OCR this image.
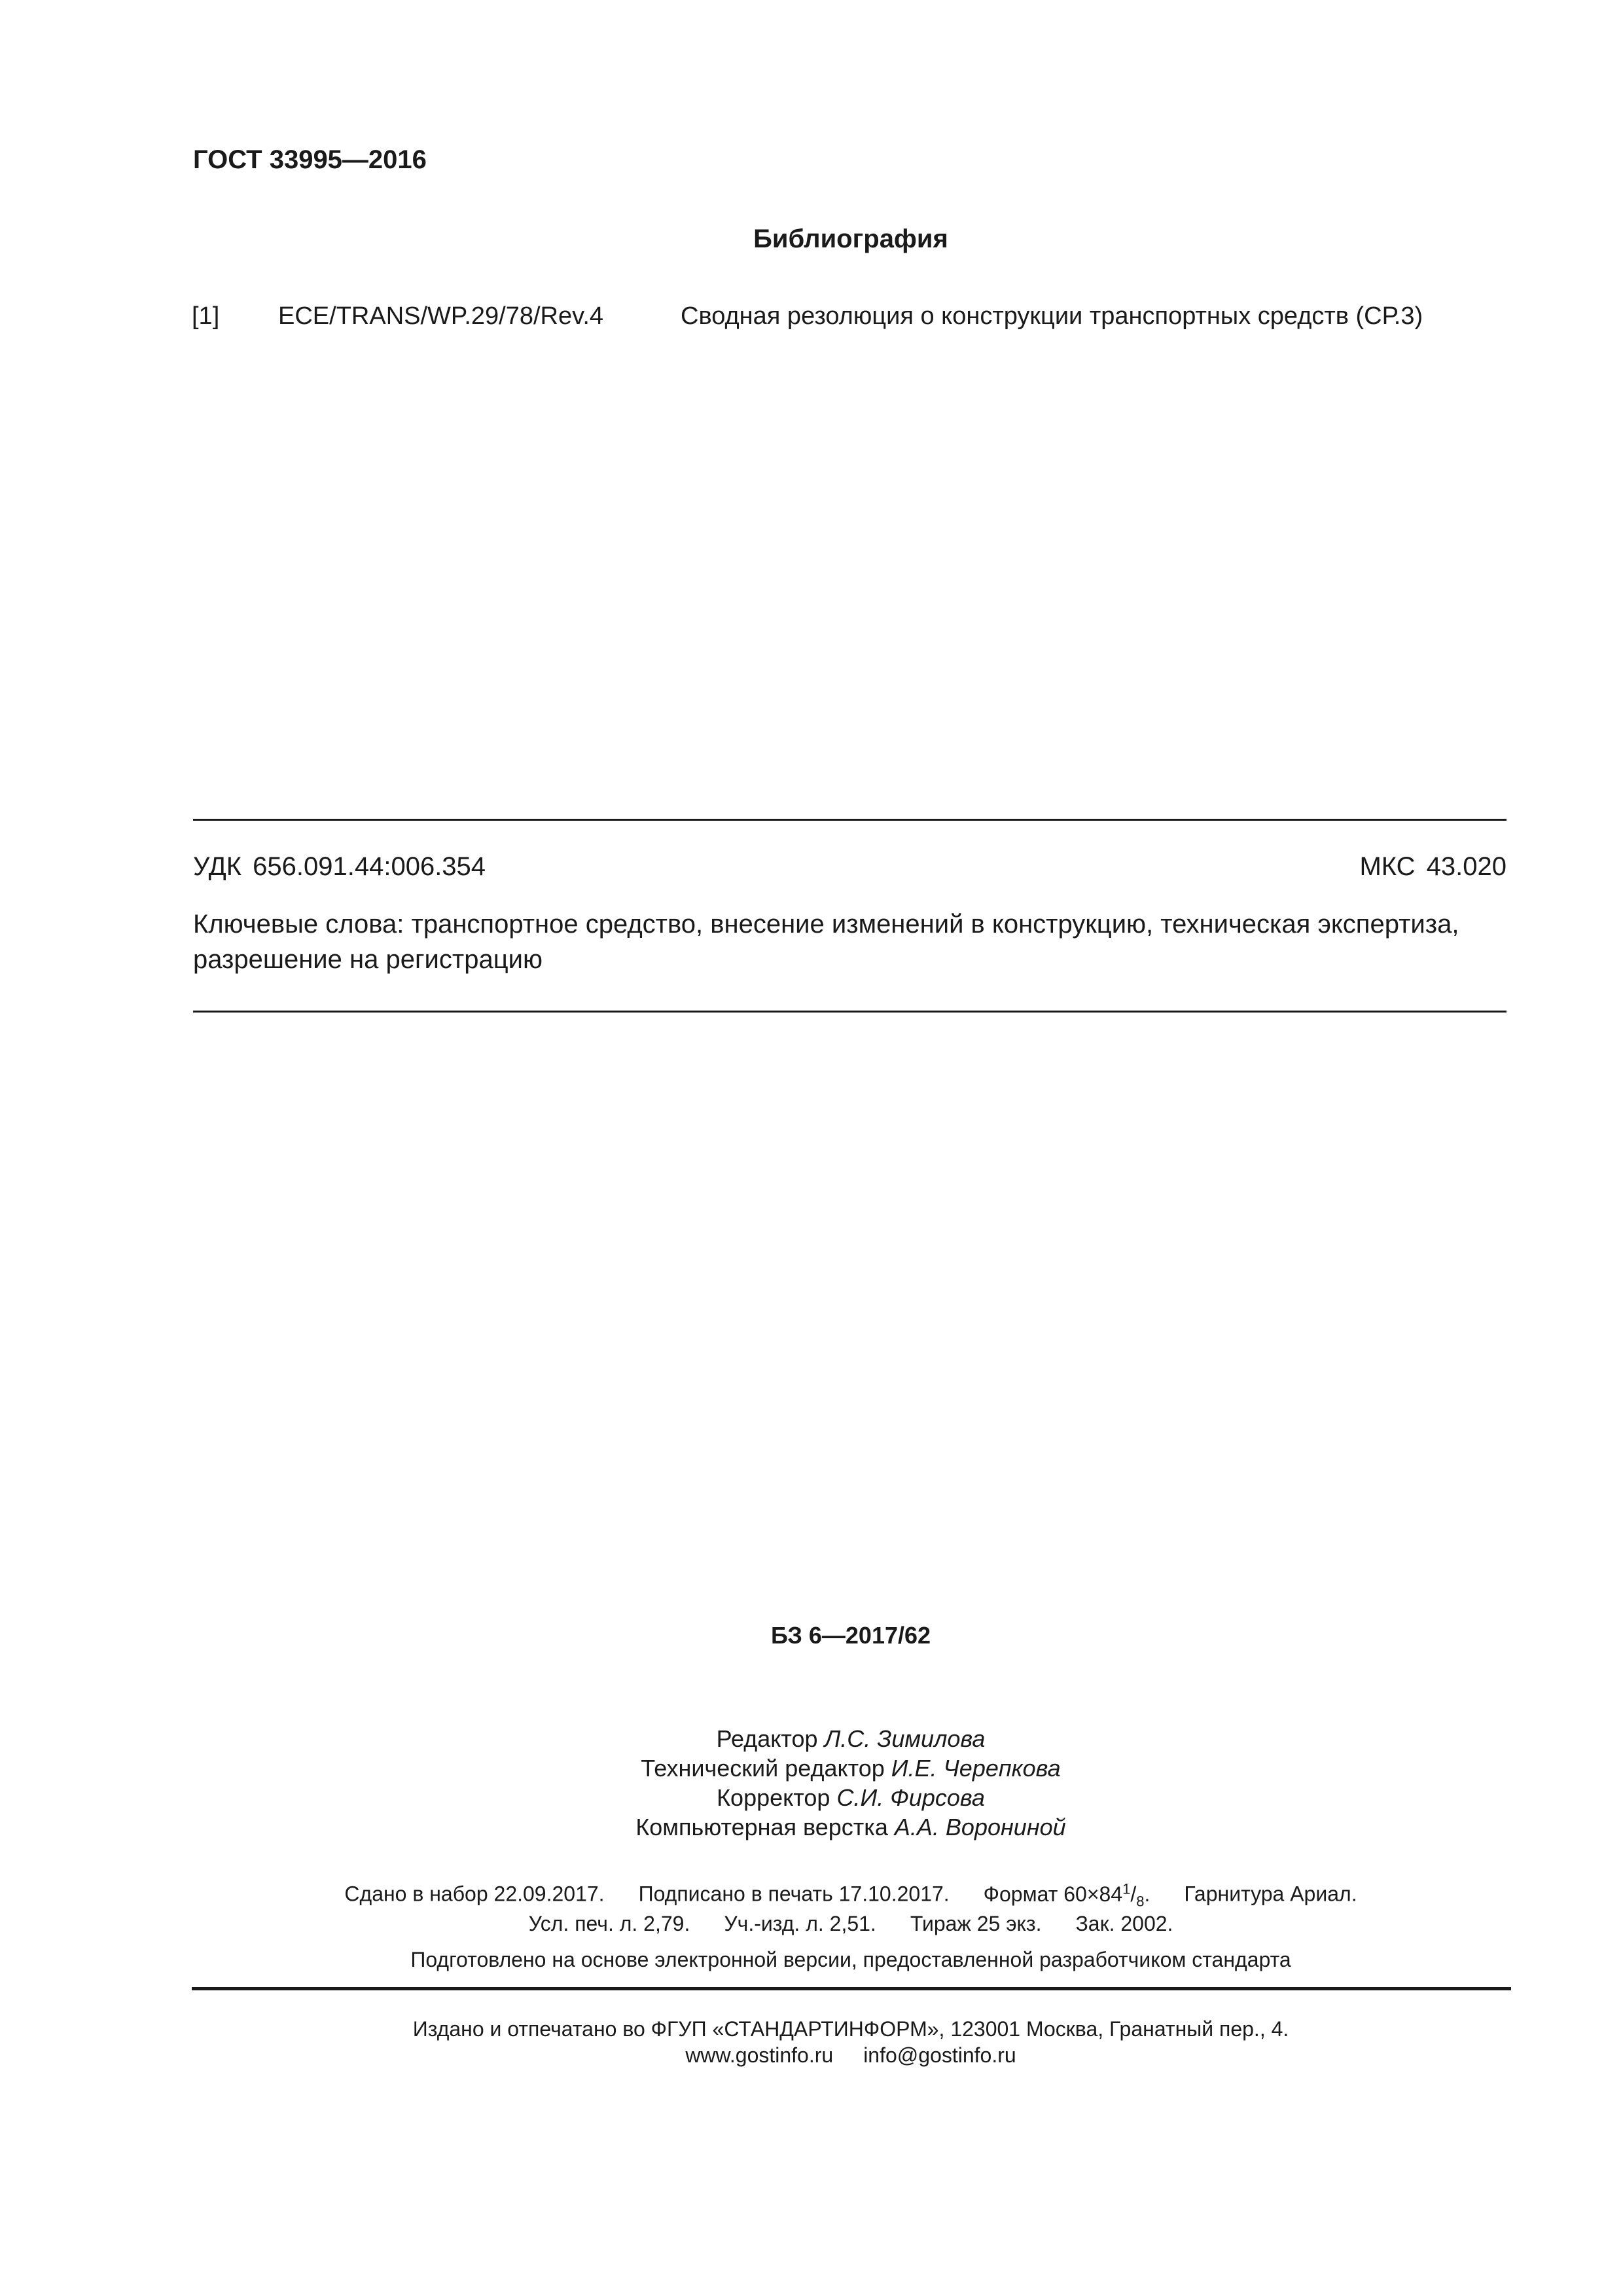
ГОСТ 33995—2016
Библиография
[1] ECE/TRANS/WP.29/78/Rev.4	Сводная резолюция о конструкции транспортных средств (СР.3)
УДК 656.091.44:006.354	МКС 43.020
Ключевые слова: транспортное средство, внесение изменений в конструкцию, техническая экспертиза, разрешение на регистрацию
БЗ 6—2017/62
Редактор Л.С. Зимилова
Технический редактор И.Е. Черепкова
Корректор С.И. Фирсова
Компьютерная верстка А.А. Ворониной
Сдано в набор 22.09.2017. Подписано в печать 17.10.2017. Формат $60\times 84^1/_8$. Гарнитура Ариал.
Усл. печ. л. 2,79. Уч.-изд. л. 2,51. Тираж 25 экз. Зак. 2002.
Подготовлено на основе электронной версии, предоставленной разработчиком стандарта
Издано и отпечатано во ФГУП «СТАНДАРТИНФОРМ», 123001 Москва, Гранатный пер., 4.
www.gostinfo.ru info@gostinfo.ru
